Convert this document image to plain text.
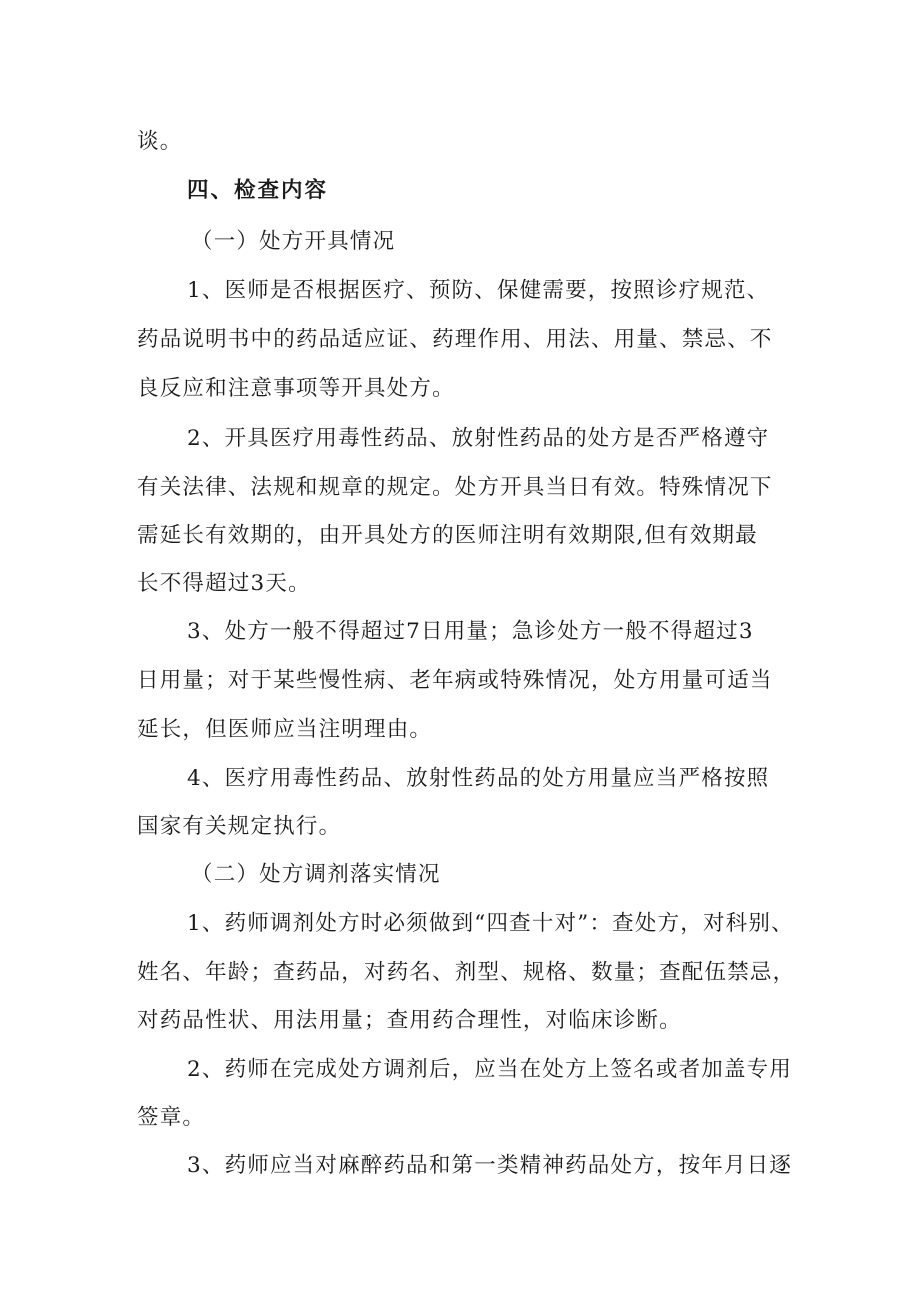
谈。
四、检查内容
（一）处方开具情况
1、医师是否根据医疗、预防、保健需要，按照诊疗规范、
药品说明书中的药品适应证、药理作用、用法、用量、禁忌、不
良反应和注意事项等开具处方。
2、开具医疗用毒性药品、放射性药品的处方是否严格遵守
有关法律、法规和规章的规定。处方开具当日有效。特殊情况下
需延长有效期的，由开具处方的医师注明有效期限,但有效期最
长不得超过3天。
3、处方一般不得超过7日用量；急诊处方一般不得超过3
日用量；对于某些慢性病、老年病或特殊情况，处方用量可适当
延长，但医师应当注明理由。
4、医疗用毒性药品、放射性药品的处方用量应当严格按照
国家有关规定执行。
（二）处方调剂落实情况
1、药师调剂处方时必须做到“四查十对”：查处方，对科别、
姓名、年龄；查药品，对药名、剂型、规格、数量；查配伍禁忌，
对药品性状、用法用量；查用药合理性，对临床诊断。
2、药师在完成处方调剂后，应当在处方上签名或者加盖专用
签章。
3、药师应当对麻醉药品和第一类精神药品处方，按年月日逐
